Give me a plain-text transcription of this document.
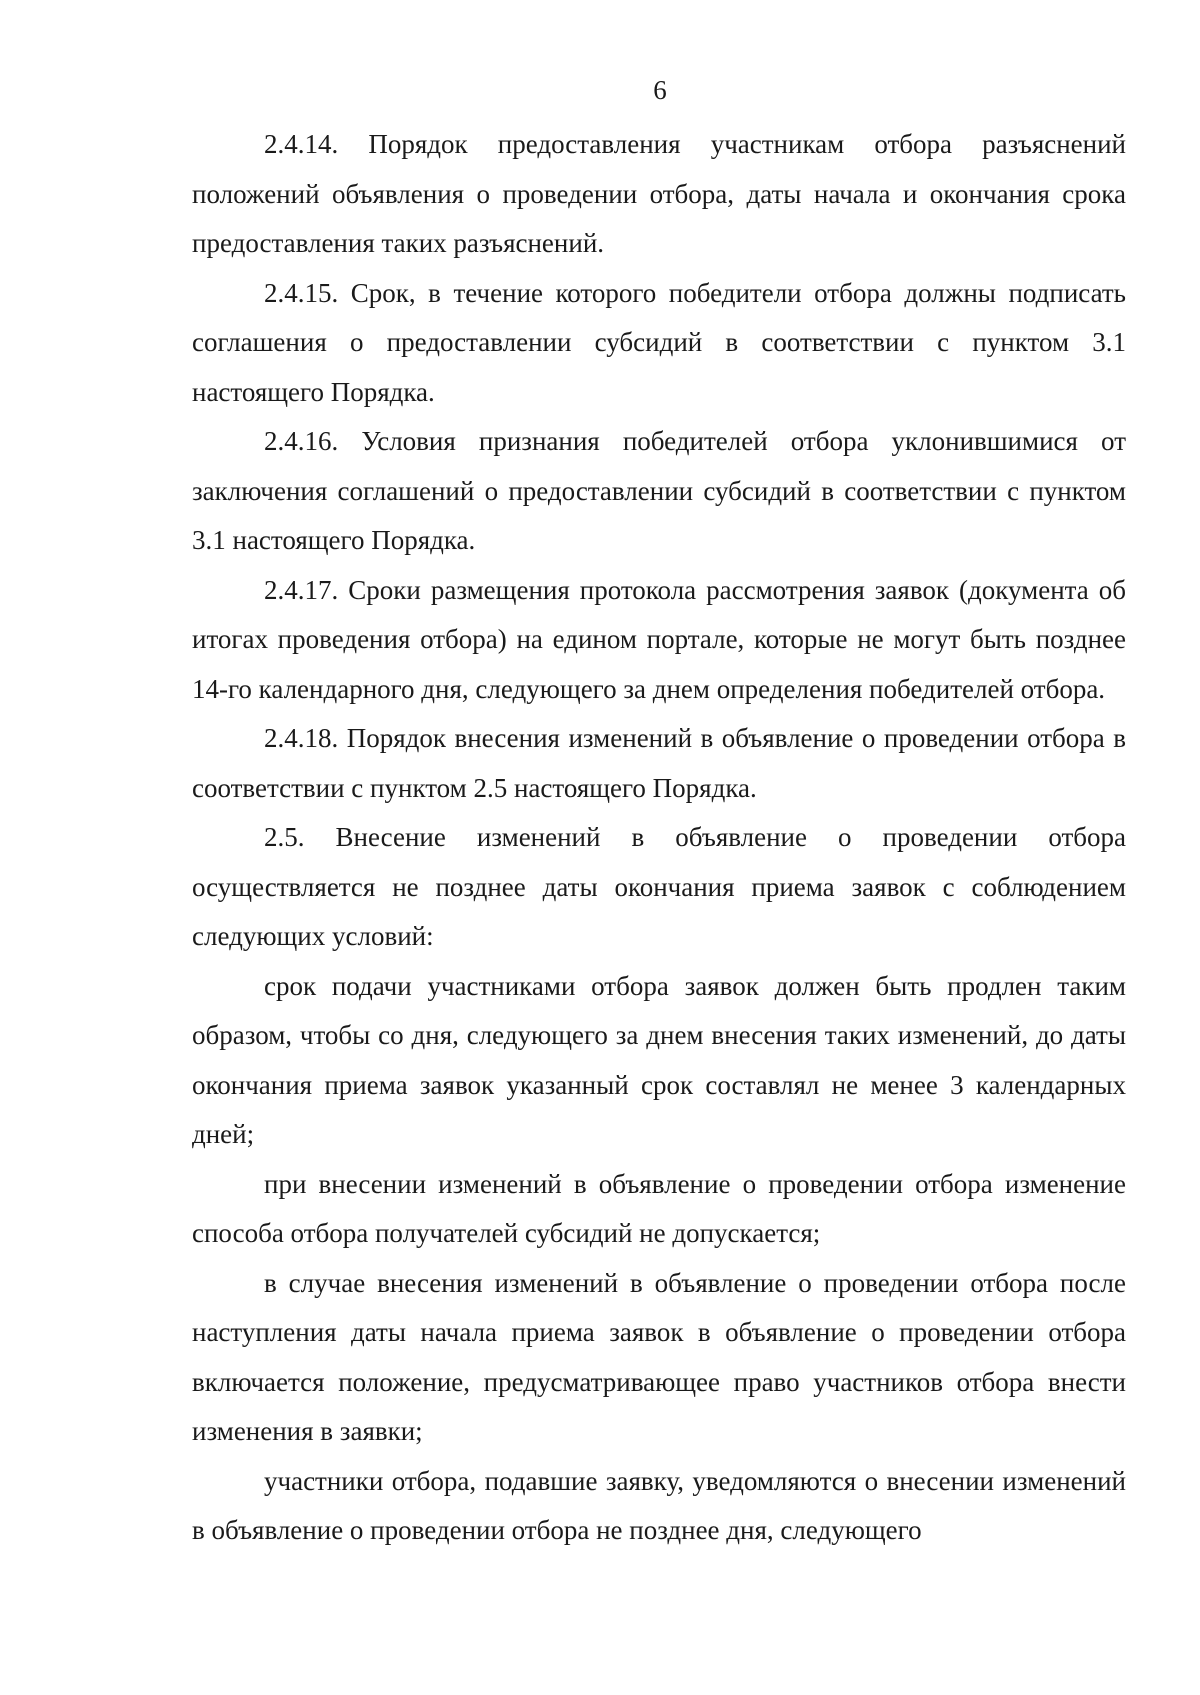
6

2.4.14. Порядок предоставления участникам отбора разъяснений положений объявления о проведении отбора, даты начала и окончания срока предоставления таких разъяснений.

2.4.15. Срок, в течение которого победители отбора должны подписать соглашения о предоставлении субсидий в соответствии с пунктом 3.1 настоящего Порядка.

2.4.16. Условия признания победителей отбора уклонившимися от заключения соглашений о предоставлении субсидий в соответствии с пунктом 3.1 настоящего Порядка.

2.4.17. Сроки размещения протокола рассмотрения заявок (документа об итогах проведения отбора) на едином портале, которые не могут быть позднее 14-го календарного дня, следующего за днем определения победителей отбора.

2.4.18. Порядок внесения изменений в объявление о проведении отбора в соответствии с пунктом 2.5 настоящего Порядка.

2.5. Внесение изменений в объявление о проведении отбора осуществляется не позднее даты окончания приема заявок с соблюдением следующих условий:

срок подачи участниками отбора заявок должен быть продлен таким образом, чтобы со дня, следующего за днем внесения таких изменений, до даты окончания приема заявок указанный срок составлял не менее 3 календарных дней;

при внесении изменений в объявление о проведении отбора изменение способа отбора получателей субсидий не допускается;

в случае внесения изменений в объявление о проведении отбора после наступления даты начала приема заявок в объявление о проведении отбора включается положение, предусматривающее право участников отбора внести изменения в заявки;

участники отбора, подавшие заявку, уведомляются о внесении изменений в объявление о проведении отбора не позднее дня, следующего
